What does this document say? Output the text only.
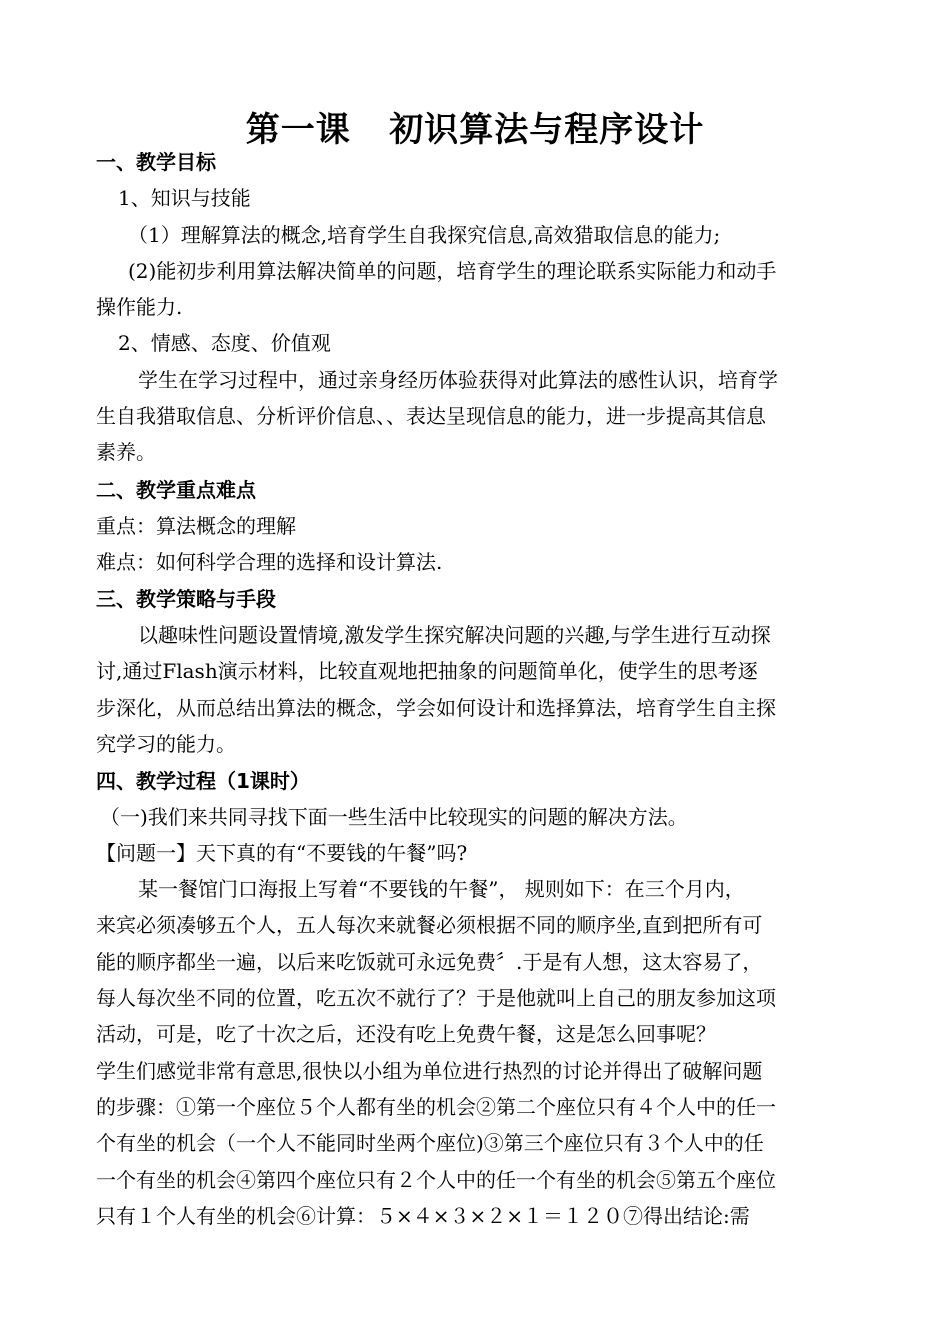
第一课   初识算法与程序设计
一、教学目标
1、知识与技能
（1）理解算法的概念,培育学生自我探究信息,高效猎取信息的能力;
(2)能初步利用算法解决简单的问题，培育学生的理论联系实际能力和动手
操作能力.
2、情感、态度、价值观
学生在学习过程中，通过亲身经历体验获得对此算法的感性认识，培育学
生自我猎取信息、分析评价信息、、表达呈现信息的能力，进一步提高其信息
素养。
二、教学重点难点
重点：算法概念的理解
难点：如何科学合理的选择和设计算法.
三、教学策略与手段
以趣味性问题设置情境,激发学生探究解决问题的兴趣,与学生进行互动探
讨,通过Flash演示材料，比较直观地把抽象的问题简单化，使学生的思考逐
步深化，从而总结出算法的概念，学会如何设计和选择算法，培育学生自主探
究学习的能力。
四、教学过程（1课时）
（一)我们来共同寻找下面一些生活中比较现实的问题的解决方法。
【问题一】天下真的有“不要钱的午餐”吗?
某一餐馆门口海报上写着“不要钱的午餐”， 规则如下：在三个月内，
来宾必须凑够五个人，五人每次来就餐必须根据不同的顺序坐,直到把所有可
能的顺序都坐一遍，以后来吃饭就可永远免费〞.于是有人想，这太容易了，
每人每次坐不同的位置，吃五次不就行了？于是他就叫上自己的朋友参加这项
活动，可是，吃了十次之后，还没有吃上免费午餐，这是怎么回事呢？
学生们感觉非常有意思,很快以小组为单位进行热烈的讨论并得出了破解问题
的步骤：①第一个座位５个人都有坐的机会②第二个座位只有４个人中的任一
个有坐的机会（一个人不能同时坐两个座位)③第三个座位只有３个人中的任
一个有坐的机会④第四个座位只有２个人中的任一个有坐的机会⑤第五个座位
只有１个人有坐的机会⑥计算：５×４×３×２×１＝１２０⑦得出结论:需
